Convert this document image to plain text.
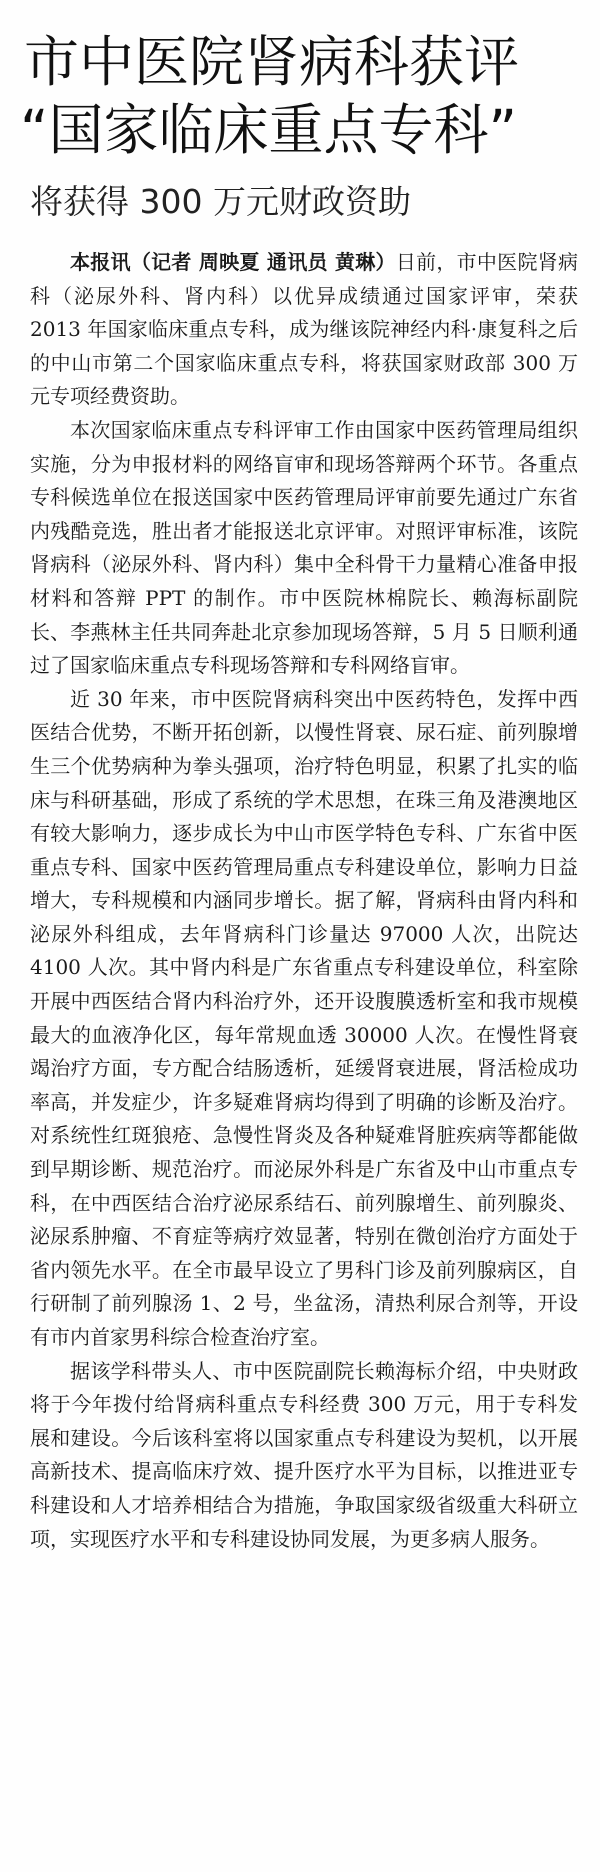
市中医院肾病科获评
“国家临床重点专科”
将获得 300 万元财政资助

本报讯（记者 周映夏 通讯员 黄琳）日前，市中医院肾病科（泌尿外科、肾内科）以优异成绩通过国家评审，荣获 2013 年国家临床重点专科，成为继该院神经内科·康复科之后的中山市第二个国家临床重点专科，将获国家财政部 300 万元专项经费资助。

本次国家临床重点专科评审工作由国家中医药管理局组织实施，分为申报材料的网络盲审和现场答辩两个环节。各重点专科候选单位在报送国家中医药管理局评审前要先通过广东省内残酷竞选，胜出者才能报送北京评审。对照评审标准，该院肾病科（泌尿外科、肾内科）集中全科骨干力量精心准备申报材料和答辩 PPT 的制作。市中医院林棉院长、赖海标副院长、李燕林主任共同奔赴北京参加现场答辩，5 月 5 日顺利通过了国家临床重点专科现场答辩和专科网络盲审。

近 30 年来，市中医院肾病科突出中医药特色，发挥中西医结合优势，不断开拓创新，以慢性肾衰、尿石症、前列腺增生三个优势病种为拳头强项，治疗特色明显，积累了扎实的临床与科研基础，形成了系统的学术思想，在珠三角及港澳地区有较大影响力，逐步成长为中山市医学特色专科、广东省中医重点专科、国家中医药管理局重点专科建设单位，影响力日益增大，专科规模和内涵同步增长。据了解，肾病科由肾内科和泌尿外科组成，去年肾病科门诊量达 97000 人次，出院达 4100 人次。其中肾内科是广东省重点专科建设单位，科室除开展中西医结合肾内科治疗外，还开设腹膜透析室和我市规模最大的血液净化区，每年常规血透 30000 人次。在慢性肾衰竭治疗方面，专方配合结肠透析，延缓肾衰进展，肾活检成功率高，并发症少，许多疑难肾病均得到了明确的诊断及治疗。对系统性红斑狼疮、急慢性肾炎及各种疑难肾脏疾病等都能做到早期诊断、规范治疗。而泌尿外科是广东省及中山市重点专科，在中西医结合治疗泌尿系结石、前列腺增生、前列腺炎、泌尿系肿瘤、不育症等病疗效显著，特别在微创治疗方面处于省内领先水平。在全市最早设立了男科门诊及前列腺病区，自行研制了前列腺汤 1、2 号，坐盆汤，清热利尿合剂等，开设有市内首家男科综合检查治疗室。

据该学科带头人、市中医院副院长赖海标介绍，中央财政将于今年拨付给肾病科重点专科经费 300 万元，用于专科发展和建设。今后该科室将以国家重点专科建设为契机，以开展高新技术、提高临床疗效、提升医疗水平为目标，以推进亚专科建设和人才培养相结合为措施，争取国家级省级重大科研立项，实现医疗水平和专科建设协同发展，为更多病人服务。
